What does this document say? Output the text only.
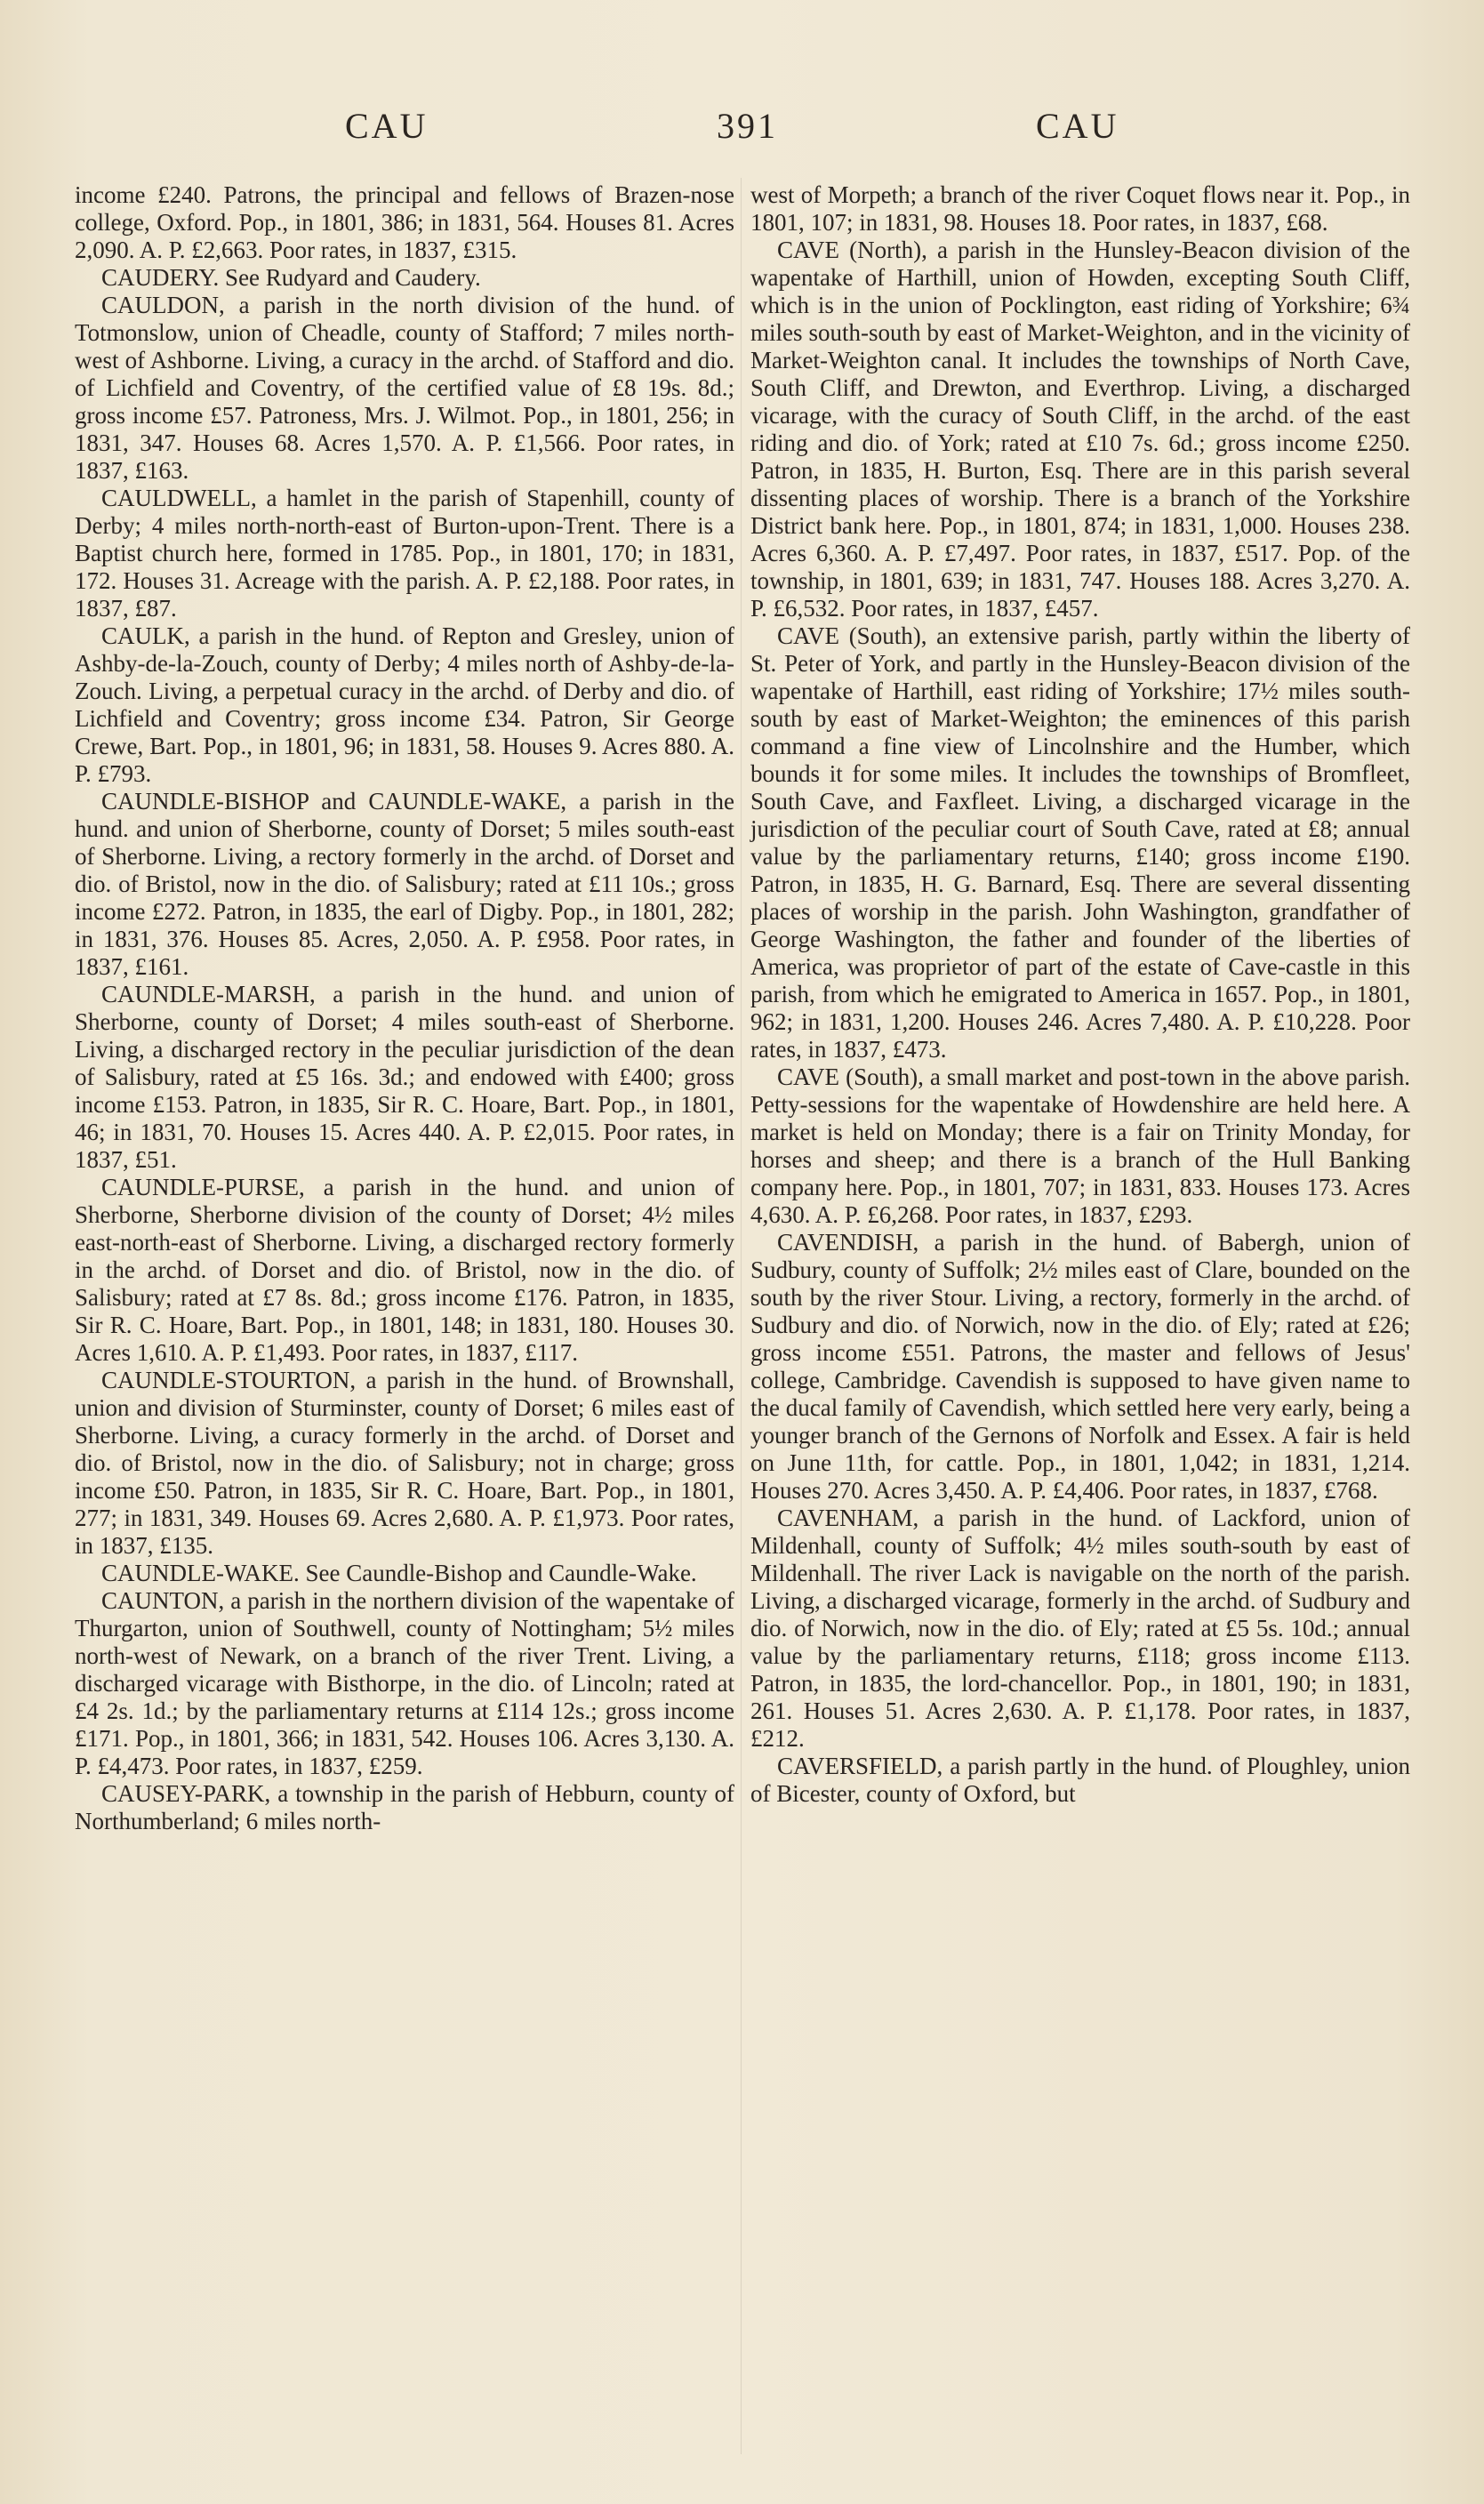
CAU	391	CAU

income £240. Patrons, the principal and fellows of Brazen-nose college, Oxford. Pop., in 1801, 386; in 1831, 564. Houses 81. Acres 2,090. A. P. £2,663. Poor rates, in 1837, £315.

CAUDERY. See Rudyard and Caudery.

CAULDON, a parish in the north division of the hund. of Totmonslow, union of Cheadle, county of Stafford; 7 miles north-west of Ashborne. Living, a curacy in the archd. of Stafford and dio. of Lichfield and Coventry, of the certified value of £8 19s. 8d.; gross income £57. Patroness, Mrs. J. Wilmot. Pop., in 1801, 256; in 1831, 347. Houses 68. Acres 1,570. A. P. £1,566. Poor rates, in 1837, £163.

CAULDWELL, a hamlet in the parish of Stapenhill, county of Derby; 4 miles north-north-east of Burton-upon-Trent. There is a Baptist church here, formed in 1785. Pop., in 1801, 170; in 1831, 172. Houses 31. Acreage with the parish. A. P. £2,188. Poor rates, in 1837, £87.

CAULK, a parish in the hund. of Repton and Gresley, union of Ashby-de-la-Zouch, county of Derby; 4 miles north of Ashby-de-la-Zouch. Living, a perpetual curacy in the archd. of Derby and dio. of Lichfield and Coventry; gross income £34. Patron, Sir George Crewe, Bart. Pop., in 1801, 96; in 1831, 58. Houses 9. Acres 880. A. P. £793.

CAUNDLE-BISHOP and CAUNDLE-WAKE, a parish in the hund. and union of Sherborne, county of Dorset; 5 miles south-east of Sherborne. Living, a rectory formerly in the archd. of Dorset and dio. of Bristol, now in the dio. of Salisbury; rated at £11 10s.; gross income £272. Patron, in 1835, the earl of Digby. Pop., in 1801, 282; in 1831, 376. Houses 85. Acres, 2,050. A. P. £958. Poor rates, in 1837, £161.

CAUNDLE-MARSH, a parish in the hund. and union of Sherborne, county of Dorset; 4 miles south-east of Sherborne. Living, a discharged rectory in the peculiar jurisdiction of the dean of Salisbury, rated at £5 16s. 3d.; and endowed with £400; gross income £153. Patron, in 1835, Sir R. C. Hoare, Bart. Pop., in 1801, 46; in 1831, 70. Houses 15. Acres 440. A. P. £2,015. Poor rates, in 1837, £51.

CAUNDLE-PURSE, a parish in the hund. and union of Sherborne, Sherborne division of the county of Dorset; 4½ miles east-north-east of Sherborne. Living, a discharged rectory formerly in the archd. of Dorset and dio. of Bristol, now in the dio. of Salisbury; rated at £7 8s. 8d.; gross income £176. Patron, in 1835, Sir R. C. Hoare, Bart. Pop., in 1801, 148; in 1831, 180. Houses 30. Acres 1,610. A. P. £1,493. Poor rates, in 1837, £117.

CAUNDLE-STOURTON, a parish in the hund. of Brownshall, union and division of Sturminster, county of Dorset; 6 miles east of Sherborne. Living, a curacy formerly in the archd. of Dorset and dio. of Bristol, now in the dio. of Salisbury; not in charge; gross income £50. Patron, in 1835, Sir R. C. Hoare, Bart. Pop., in 1801, 277; in 1831, 349. Houses 69. Acres 2,680. A. P. £1,973. Poor rates, in 1837, £135.

CAUNDLE-WAKE. See Caundle-Bishop and Caundle-Wake.

CAUNTON, a parish in the northern division of the wapentake of Thurgarton, union of Southwell, county of Nottingham; 5½ miles north-west of Newark, on a branch of the river Trent. Living, a discharged vicarage with Bisthorpe, in the dio. of Lincoln; rated at £4 2s. 1d.; by the parliamentary returns at £114 12s.; gross income £171. Pop., in 1801, 366; in 1831, 542. Houses 106. Acres 3,130. A. P. £4,473. Poor rates, in 1837, £259.

CAUSEY-PARK, a township in the parish of Hebburn, county of Northumberland; 6 miles north-

west of Morpeth; a branch of the river Coquet flows near it. Pop., in 1801, 107; in 1831, 98. Houses 18. Poor rates, in 1837, £68.

CAVE (North), a parish in the Hunsley-Beacon division of the wapentake of Harthill, union of Howden, excepting South Cliff, which is in the union of Pocklington, east riding of Yorkshire; 6¾ miles south-south by east of Market-Weighton, and in the vicinity of Market-Weighton canal. It includes the townships of North Cave, South Cliff, and Drewton, and Everthrop. Living, a discharged vicarage, with the curacy of South Cliff, in the archd. of the east riding and dio. of York; rated at £10 7s. 6d.; gross income £250. Patron, in 1835, H. Burton, Esq. There are in this parish several dissenting places of worship. There is a branch of the Yorkshire District bank here. Pop., in 1801, 874; in 1831, 1,000. Houses 238. Acres 6,360. A. P. £7,497. Poor rates, in 1837, £517. Pop. of the township, in 1801, 639; in 1831, 747. Houses 188. Acres 3,270. A. P. £6,532. Poor rates, in 1837, £457.

CAVE (South), an extensive parish, partly within the liberty of St. Peter of York, and partly in the Hunsley-Beacon division of the wapentake of Harthill, east riding of Yorkshire; 17½ miles south-south by east of Market-Weighton; the eminences of this parish command a fine view of Lincolnshire and the Humber, which bounds it for some miles. It includes the townships of Bromfleet, South Cave, and Faxfleet. Living, a discharged vicarage in the jurisdiction of the peculiar court of South Cave, rated at £8; annual value by the parliamentary returns, £140; gross income £190. Patron, in 1835, H. G. Barnard, Esq. There are several dissenting places of worship in the parish. John Washington, grandfather of George Washington, the father and founder of the liberties of America, was proprietor of part of the estate of Cave-castle in this parish, from which he emigrated to America in 1657. Pop., in 1801, 962; in 1831, 1,200. Houses 246. Acres 7,480. A. P. £10,228. Poor rates, in 1837, £473.

CAVE (South), a small market and post-town in the above parish. Petty-sessions for the wapentake of Howdenshire are held here. A market is held on Monday; there is a fair on Trinity Monday, for horses and sheep; and there is a branch of the Hull Banking company here. Pop., in 1801, 707; in 1831, 833. Houses 173. Acres 4,630. A. P. £6,268. Poor rates, in 1837, £293.

CAVENDISH, a parish in the hund. of Babergh, union of Sudbury, county of Suffolk; 2½ miles east of Clare, bounded on the south by the river Stour. Living, a rectory, formerly in the archd. of Sudbury and dio. of Norwich, now in the dio. of Ely; rated at £26; gross income £551. Patrons, the master and fellows of Jesus' college, Cambridge. Cavendish is supposed to have given name to the ducal family of Cavendish, which settled here very early, being a younger branch of the Gernons of Norfolk and Essex. A fair is held on June 11th, for cattle. Pop., in 1801, 1,042; in 1831, 1,214. Houses 270. Acres 3,450. A. P. £4,406. Poor rates, in 1837, £768.

CAVENHAM, a parish in the hund. of Lackford, union of Mildenhall, county of Suffolk; 4½ miles south-south by east of Mildenhall. The river Lack is navigable on the north of the parish. Living, a discharged vicarage, formerly in the archd. of Sudbury and dio. of Norwich, now in the dio. of Ely; rated at £5 5s. 10d.; annual value by the parliamentary returns, £118; gross income £113. Patron, in 1835, the lord-chancellor. Pop., in 1801, 190; in 1831, 261. Houses 51. Acres 2,630. A. P. £1,178. Poor rates, in 1837, £212.

CAVERSFIELD, a parish partly in the hund. of Ploughley, union of Bicester, county of Oxford, but
